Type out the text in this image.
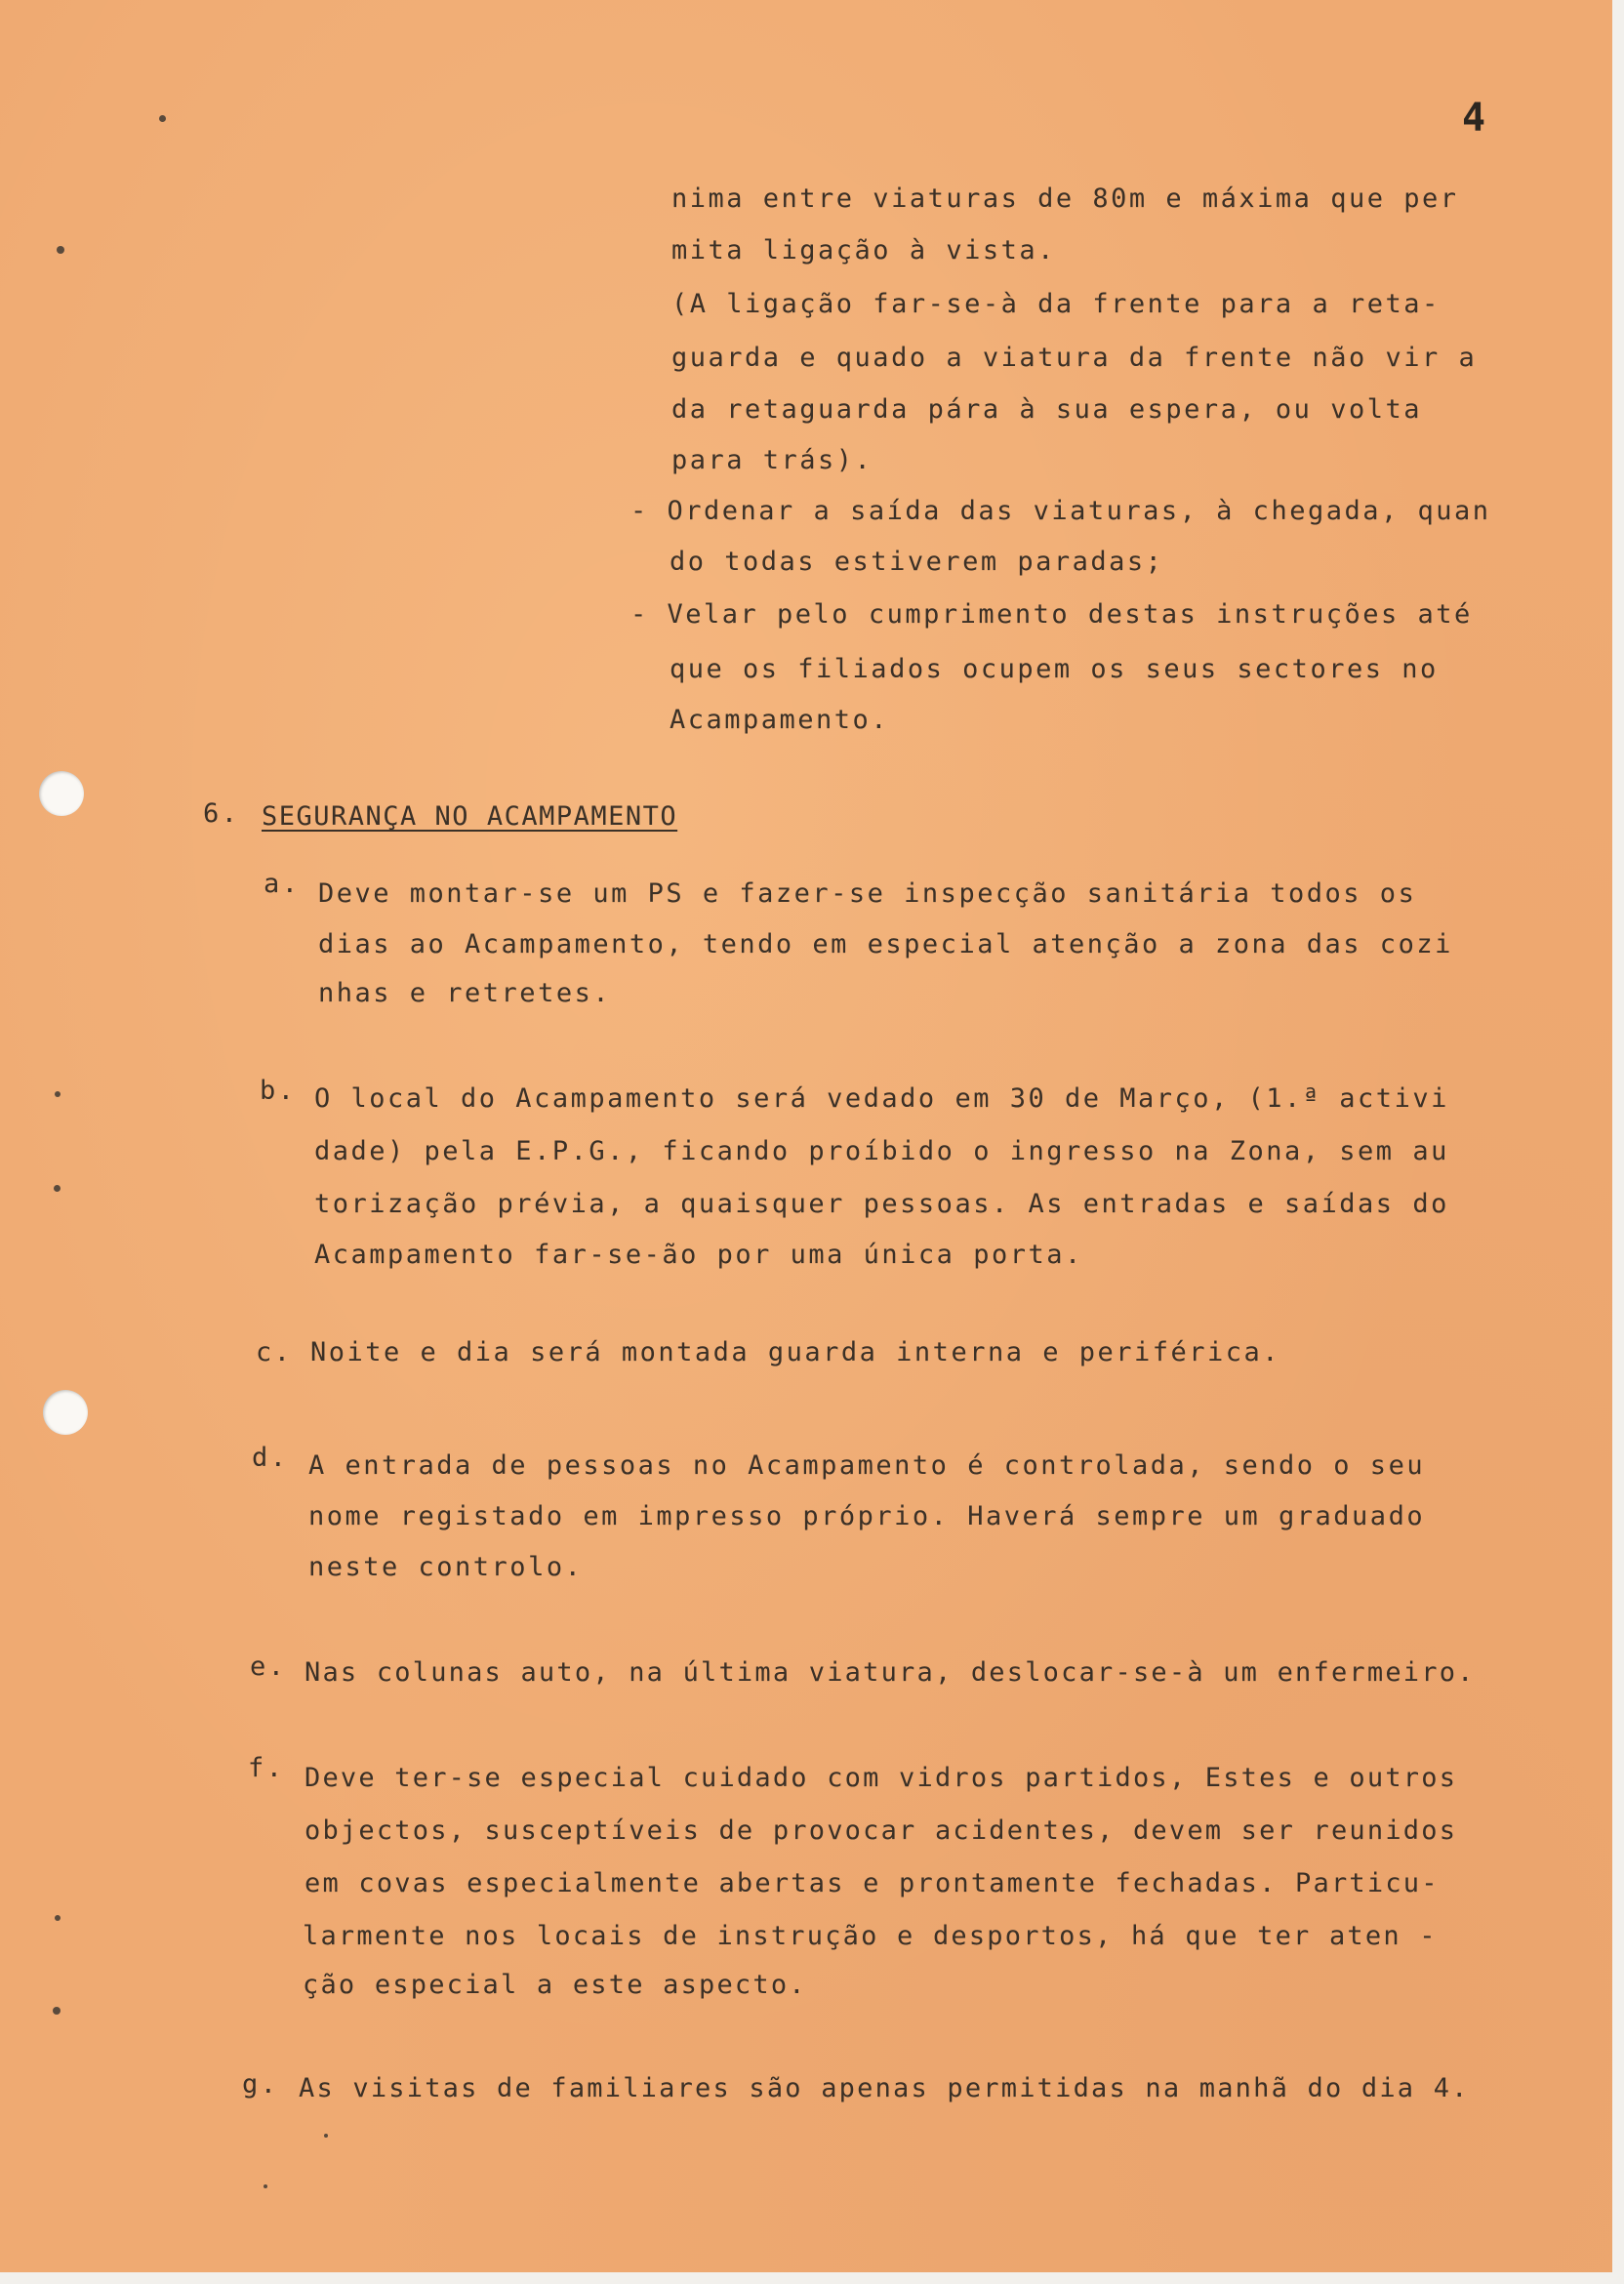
4
nima entre viaturas de 80m e máxima que per
mita ligação à vista.
(A ligação far-se-à da frente para a reta-
guarda e quado a viatura da frente não vir a
da retaguarda pára à sua espera, ou volta
para trás).
- Ordenar a saída das viaturas, à chegada, quan
do todas estiverem paradas;
- Velar pelo cumprimento destas instruções até
que os filiados ocupem os seus sectores no
Acampamento.
6. SEGURANÇA NO ACAMPAMENTO
a. Deve montar-se um PS e fazer-se inspecção sanitária todos os
dias ao Acampamento, tendo em especial atenção a zona das cozi
nhas e retretes.
b. O local do Acampamento será vedado em 30 de Março, (1.ª activi
dade) pela E.P.G., ficando proíbido o ingresso na Zona, sem au
torização prévia, a quaisquer pessoas. As entradas e saídas do
Acampamento far-se-ão por uma única porta.
c. Noite e dia será montada guarda interna e periférica.
d. A entrada de pessoas no Acampamento é controlada, sendo o seu
nome registado em impresso próprio. Haverá sempre um graduado
neste controlo.
e. Nas colunas auto, na última viatura, deslocar-se-à um enfermeiro.
f. Deve ter-se especial cuidado com vidros partidos, Estes e outros
objectos, susceptíveis de provocar acidentes, devem ser reunidos
em covas especialmente abertas e prontamente fechadas. Particu-
larmente nos locais de instrução e desportos, há que ter aten -
ção especial a este aspecto.
g. As visitas de familiares são apenas permitidas na manhã do dia 4.
